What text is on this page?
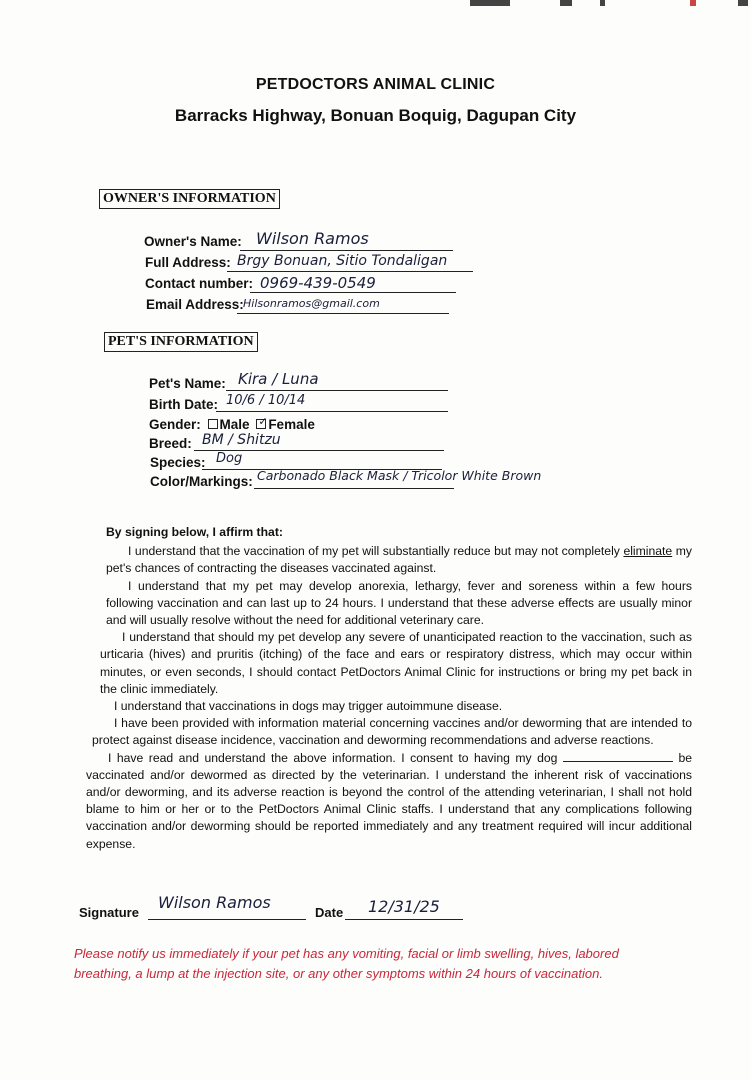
PETDOCTORS ANIMAL CLINIC
Barracks Highway, Bonuan Boquig, Dagupan City
OWNER'S INFORMATION
Owner's Name: Wilson Ramos
Full Address: Brgy Bonuan, Sitio Tondaligan
Contact number: 0969-439-0549
Email Address: Hilsonramos@gmail.com
PET'S INFORMATION
Pet's Name: Kira / Luna
Birth Date: 10/6 / 10/14
Gender: Male ✓ Female
Breed: BM / Shitzu
Species: Dog
Color/Markings: Carbonado Black Mask / Tricolor White Brown

By signing below, I affirm that:

I understand that the vaccination of my pet will substantially reduce but may not completely eliminate my pet's chances of contracting the diseases vaccinated against.

I understand that my pet may develop anorexia, lethargy, fever and soreness within a few hours following vaccination and can last up to 24 hours. I understand that these adverse effects are usually minor and will usually resolve without the need for additional veterinary care.

I understand that should my pet develop any severe of unanticipated reaction to the vaccination, such as urticaria (hives) and pruritis (itching) of the face and ears or respiratory distress, which may occur within minutes, or even seconds, I should contact PetDoctors Animal Clinic for instructions or bring my pet back in the clinic immediately.

I understand that vaccinations in dogs may trigger autoimmune disease.

I have been provided with information material concerning vaccines and/or deworming that are intended to protect against disease incidence, vaccination and deworming recommendations and adverse reactions.

I have read and understand the above information. I consent to having my dog	be vaccinated and/or dewormed as directed by the veterinarian. I understand the inherent risk of vaccinations and/or deworming, and its adverse reaction is beyond the control of the attending veterinarian, I shall not hold blame to him or her or to the PetDoctors Animal Clinic staffs. I understand that any complications following vaccination and/or deworming should be reported immediately and any treatment required will incur additional expense.

Signature
Wilson Ramos
Date 12/31/25
Please notify us immediately if your pet has any vomiting, facial or limb swelling, hives, labored breathing, a lump at the injection site, or any other symptoms within 24 hours of vaccination.
